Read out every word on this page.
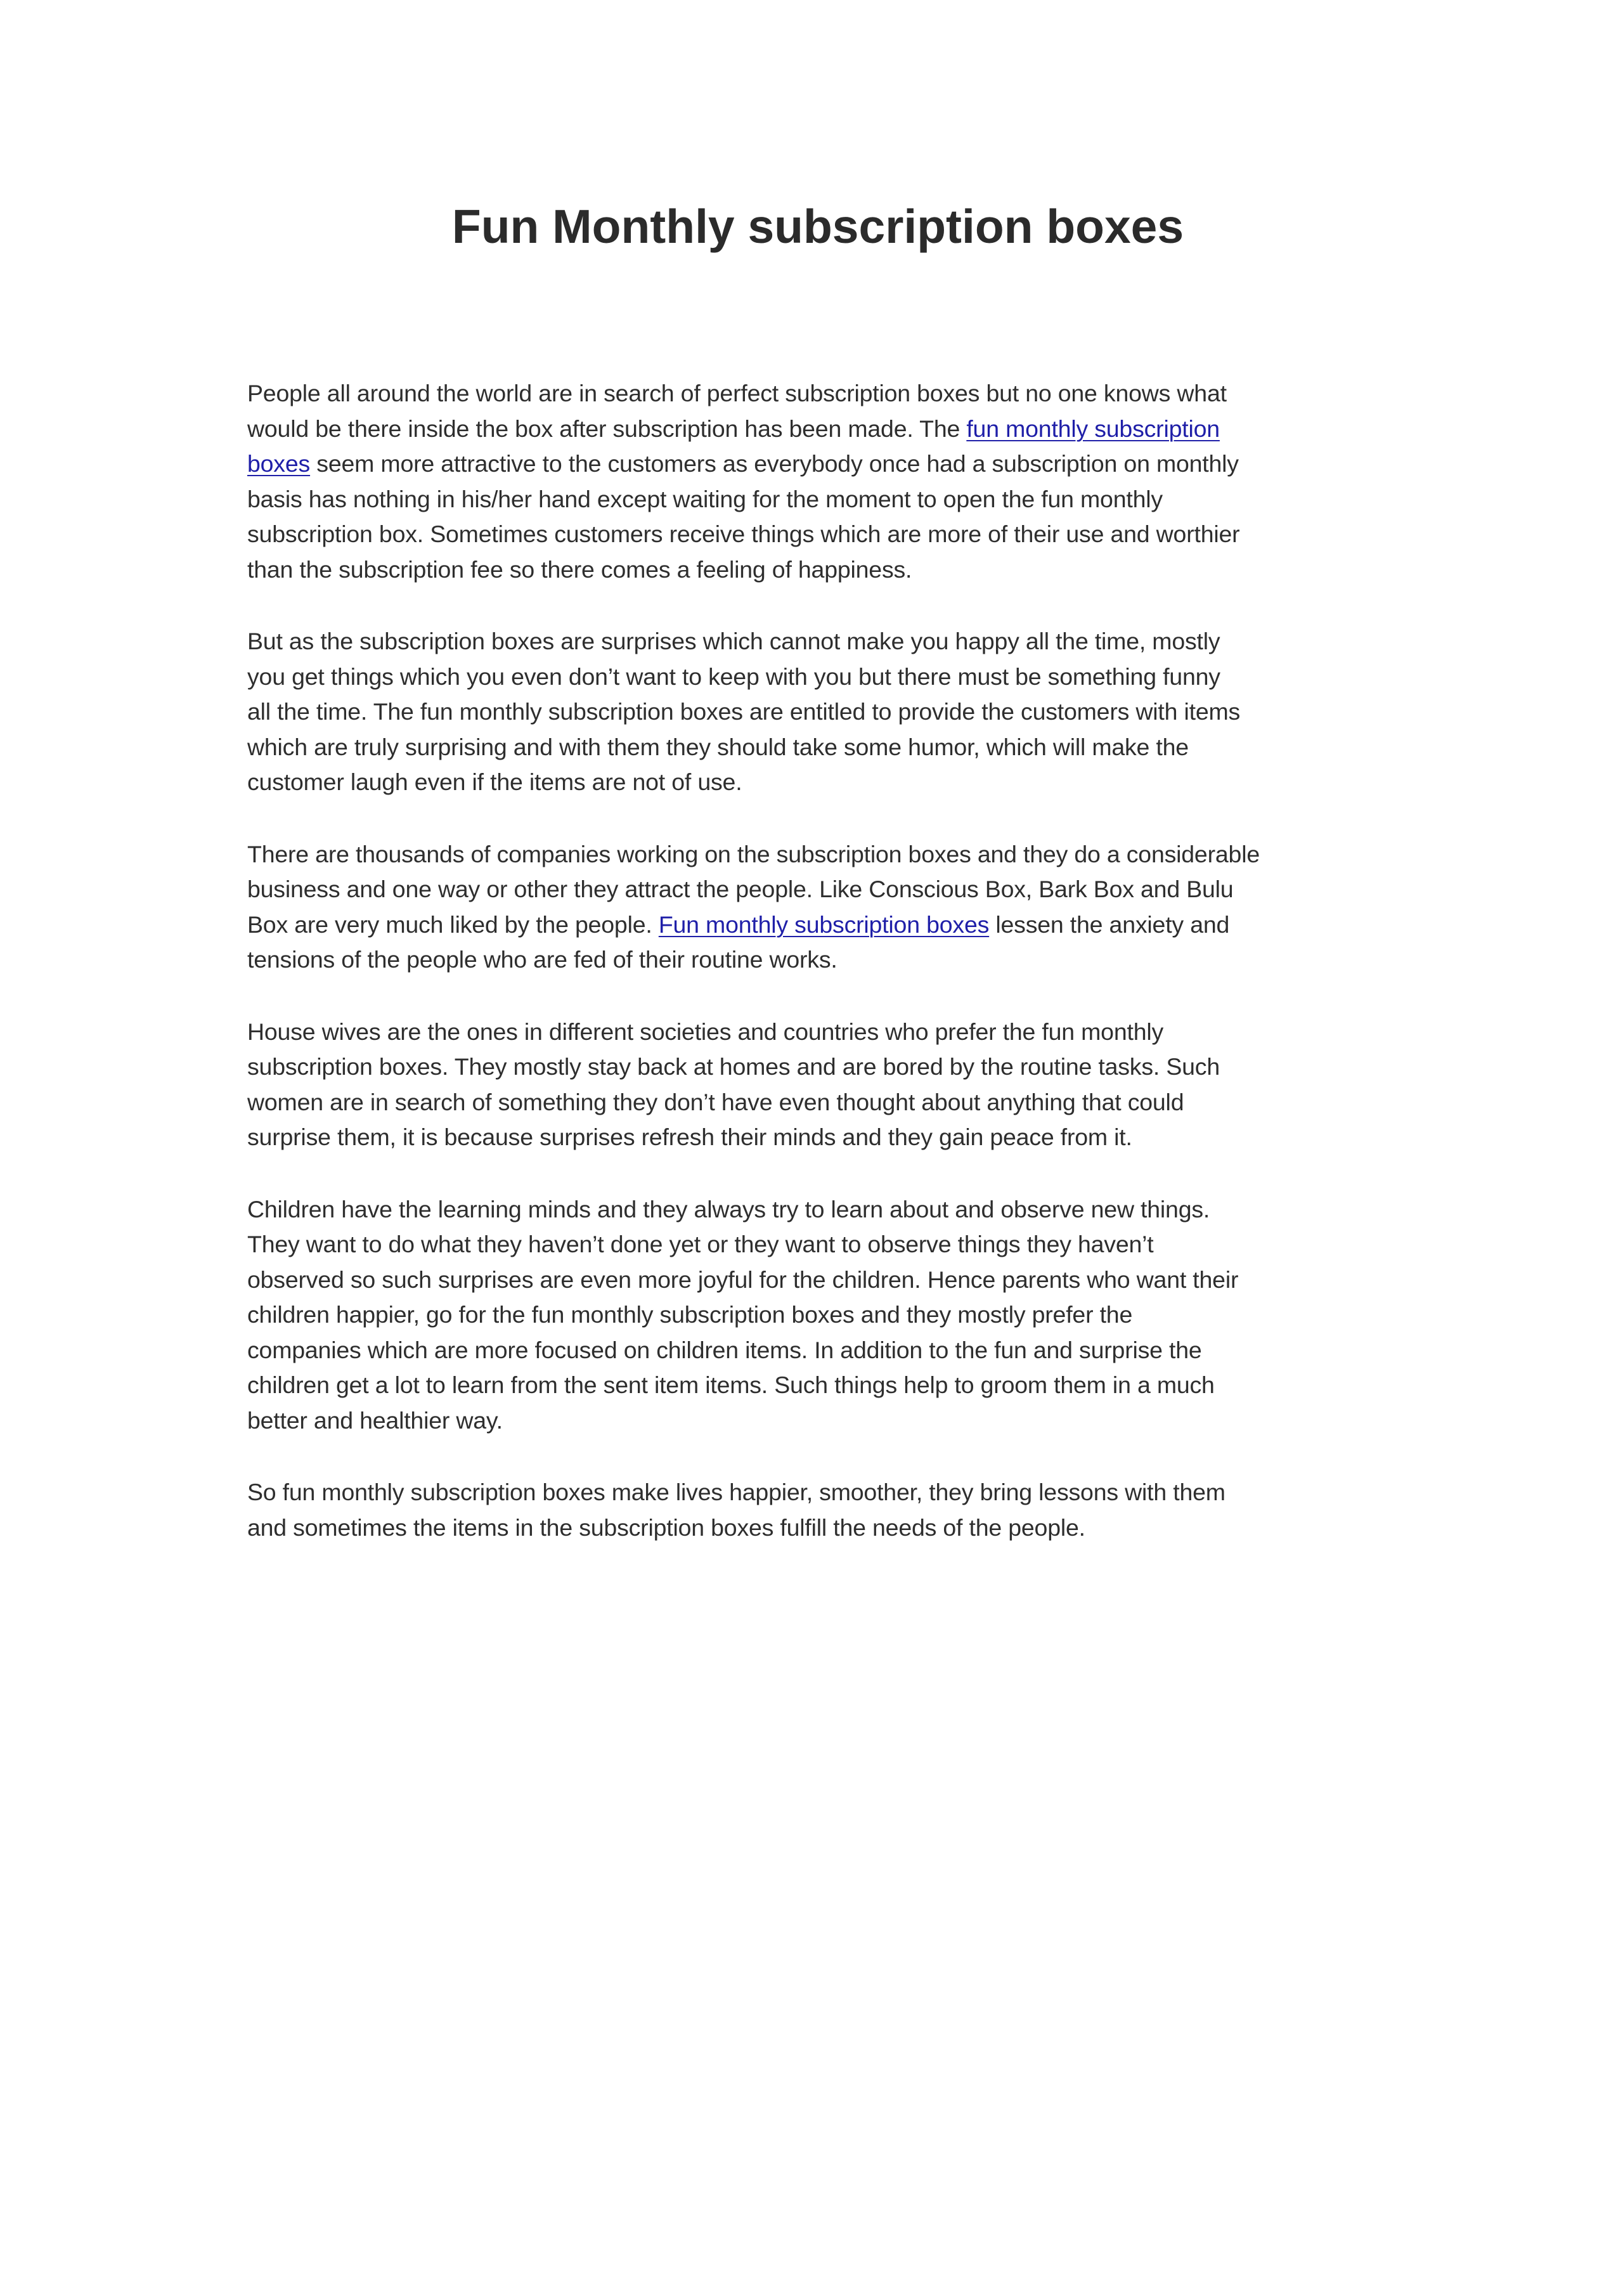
Fun Monthly subscription boxes

People all around the world are in search of perfect subscription boxes but no one knows what
would be there inside the box after subscription has been made. The fun monthly subscription
boxes seem more attractive to the customers as everybody once had a subscription on monthly
basis has nothing in his/her hand except waiting for the moment to open the fun monthly
subscription box. Sometimes customers receive things which are more of their use and worthier
than the subscription fee so there comes a feeling of happiness.

But as the subscription boxes are surprises which cannot make you happy all the time, mostly
you get things which you even don’t want to keep with you but there must be something funny
all the time. The fun monthly subscription boxes are entitled to provide the customers with items
which are truly surprising and with them they should take some humor, which will make the
customer laugh even if the items are not of use.

There are thousands of companies working on the subscription boxes and they do a considerable
business and one way or other they attract the people. Like Conscious Box, Bark Box and Bulu
Box are very much liked by the people. Fun monthly subscription boxes lessen the anxiety and
tensions of the people who are fed of their routine works.

House wives are the ones in different societies and countries who prefer the fun monthly
subscription boxes. They mostly stay back at homes and are bored by the routine tasks. Such
women are in search of something they don’t have even thought about anything that could
surprise them, it is because surprises refresh their minds and they gain peace from it.

Children have the learning minds and they always try to learn about and observe new things.
They want to do what they haven’t done yet or they want to observe things they haven’t
observed so such surprises are even more joyful for the children. Hence parents who want their
children happier, go for the fun monthly subscription boxes and they mostly prefer the
companies which are more focused on children items. In addition to the fun and surprise the
children get a lot to learn from the sent item items. Such things help to groom them in a much
better and healthier way.

So fun monthly subscription boxes make lives happier, smoother, they bring lessons with them
and sometimes the items in the subscription boxes fulfill the needs of the people.
